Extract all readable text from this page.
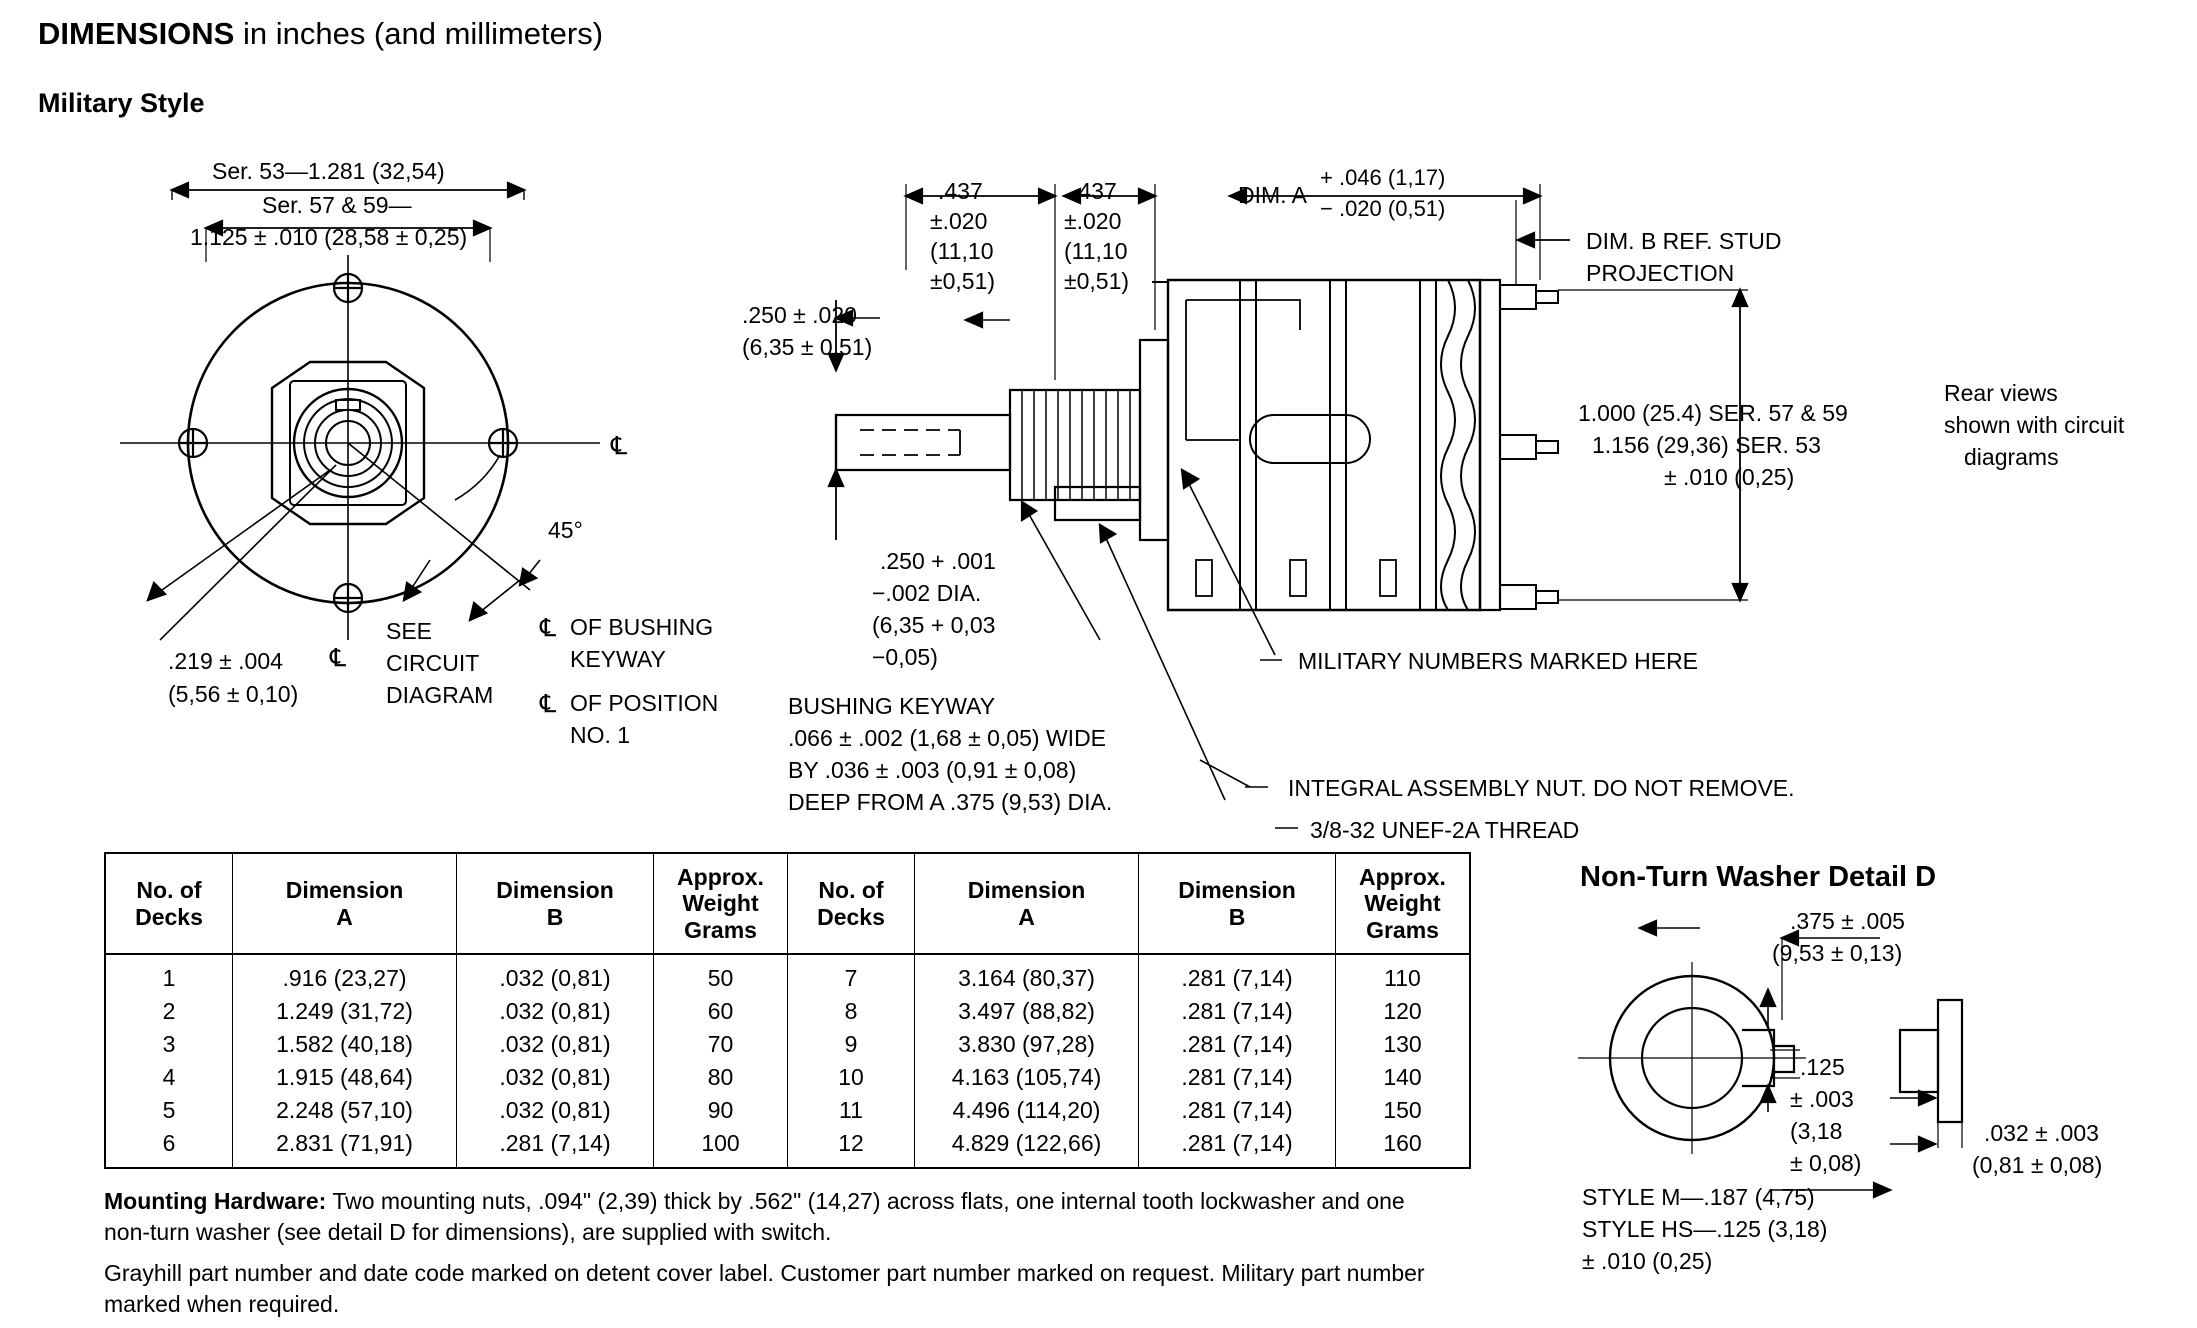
DIMENSIONS in inches (and millimeters)
Military Style
Ser. 53—1.281 (32,54)
Ser. 57 & 59—
1.125 ± .010 (28,58 ± 0,25)
45°
.219 ± .004
(5,56 ± 0,10)
SEE
CIRCUIT
DIAGRAM
℄
℄
℄
℄
OF BUSHING
KEYWAY
OF POSITION
NO. 1
.437
±.020
(11,10
±0,51)
.437
±.020
(11,10
±0,51)
DIM. A
+ .046 (1,17)
− .020 (0,51)
DIM. B REF. STUD
PROJECTION
.250 ± .020
(6,35 ± 0,51)
.250 + .001
−.002 DIA.
(6,35 + 0,03
−0,05)
BUSHING KEYWAY
.066 ± .002 (1,68 ± 0,05) WIDE
BY .036 ± .003 (0,91 ± 0,08)
DEEP FROM A .375 (9,53) DIA.
MILITARY NUMBERS MARKED HERE
INTEGRAL ASSEMBLY NUT. DO NOT REMOVE.
3/8-32 UNEF-2A THREAD
1.000 (25.4) SER. 57 & 59
1.156 (29,36) SER. 53
± .010 (0,25)
Rear views
shown with circuit
diagrams
No. of
Decks

Dimension
A

Dimension
B

Approx.
Weight
Grams

No. of
Decks

Dimension
A

Dimension
B

Approx.
Weight
Grams

1	.916 (23,27)	.032 (0,81)	50	7	3.164 (80,37)	.281 (7,14)	110
2	1.249 (31,72)	.032 (0,81)	60	8	3.497 (88,82)	.281 (7,14)	120
3	1.582 (40,18)	.032 (0,81)	70	9	3.830 (97,28)	.281 (7,14)	130
4	1.915 (48,64)	.032 (0,81)	80	10	4.163 (105,74)	.281 (7,14)	140
5	2.248 (57,10)	.032 (0,81)	90	11	4.496 (114,20)	.281 (7,14)	150
6	2.831 (71,91)	.281 (7,14)	100	12	4.829 (122,66)	.281 (7,14)	160
Mounting Hardware: Two mounting nuts, .094" (2,39) thick by .562" (14,27) across flats, one internal tooth lockwasher and one non-turn washer (see detail D for dimensions), are supplied with switch.
Grayhill part number and date code marked on detent cover label. Customer part number marked on request. Military part number marked when required.
Non-Turn Washer Detail D
.375 ± .005
(9,53 ± 0,13)
.125
± .003
(3,18
± 0,08)
.032 ± .003
(0,81 ± 0,08)
STYLE M—.187 (4,75)
STYLE HS—.125 (3,18)
± .010 (0,25)
